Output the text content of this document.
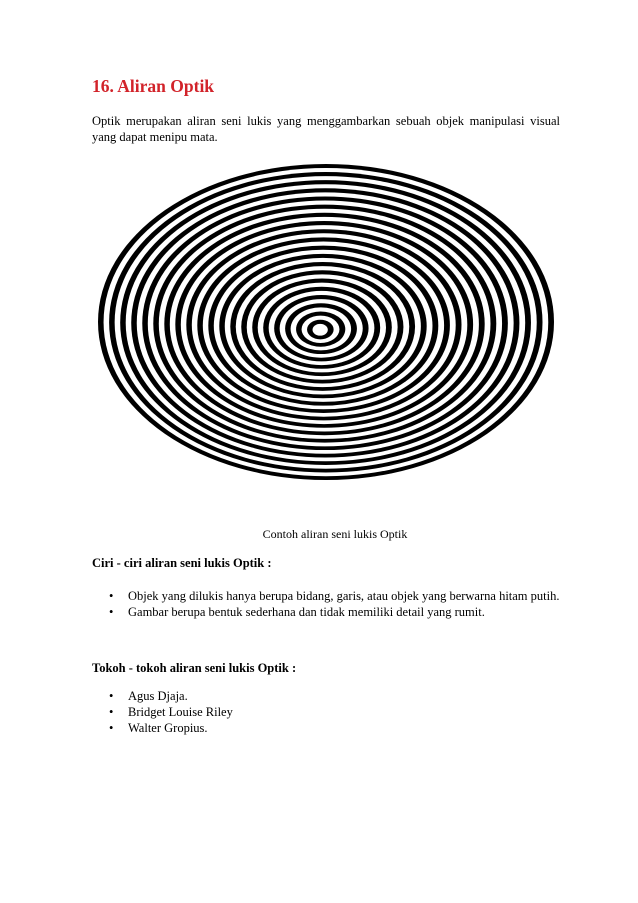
16. Aliran Optik

Optik merupakan aliran seni lukis yang menggambarkan sebuah objek manipulasi visual yang dapat menipu mata.

Contoh aliran seni lukis Optik
Ciri - ciri aliran seni lukis Optik :
• Objek yang dilukis hanya berupa bidang, garis, atau objek yang berwarna hitam putih.
• Gambar berupa bentuk sederhana dan tidak memiliki detail yang rumit.
Tokoh - tokoh aliran seni lukis Optik :
• Agus Djaja.
• Bridget Louise Riley
• Walter Gropius.
